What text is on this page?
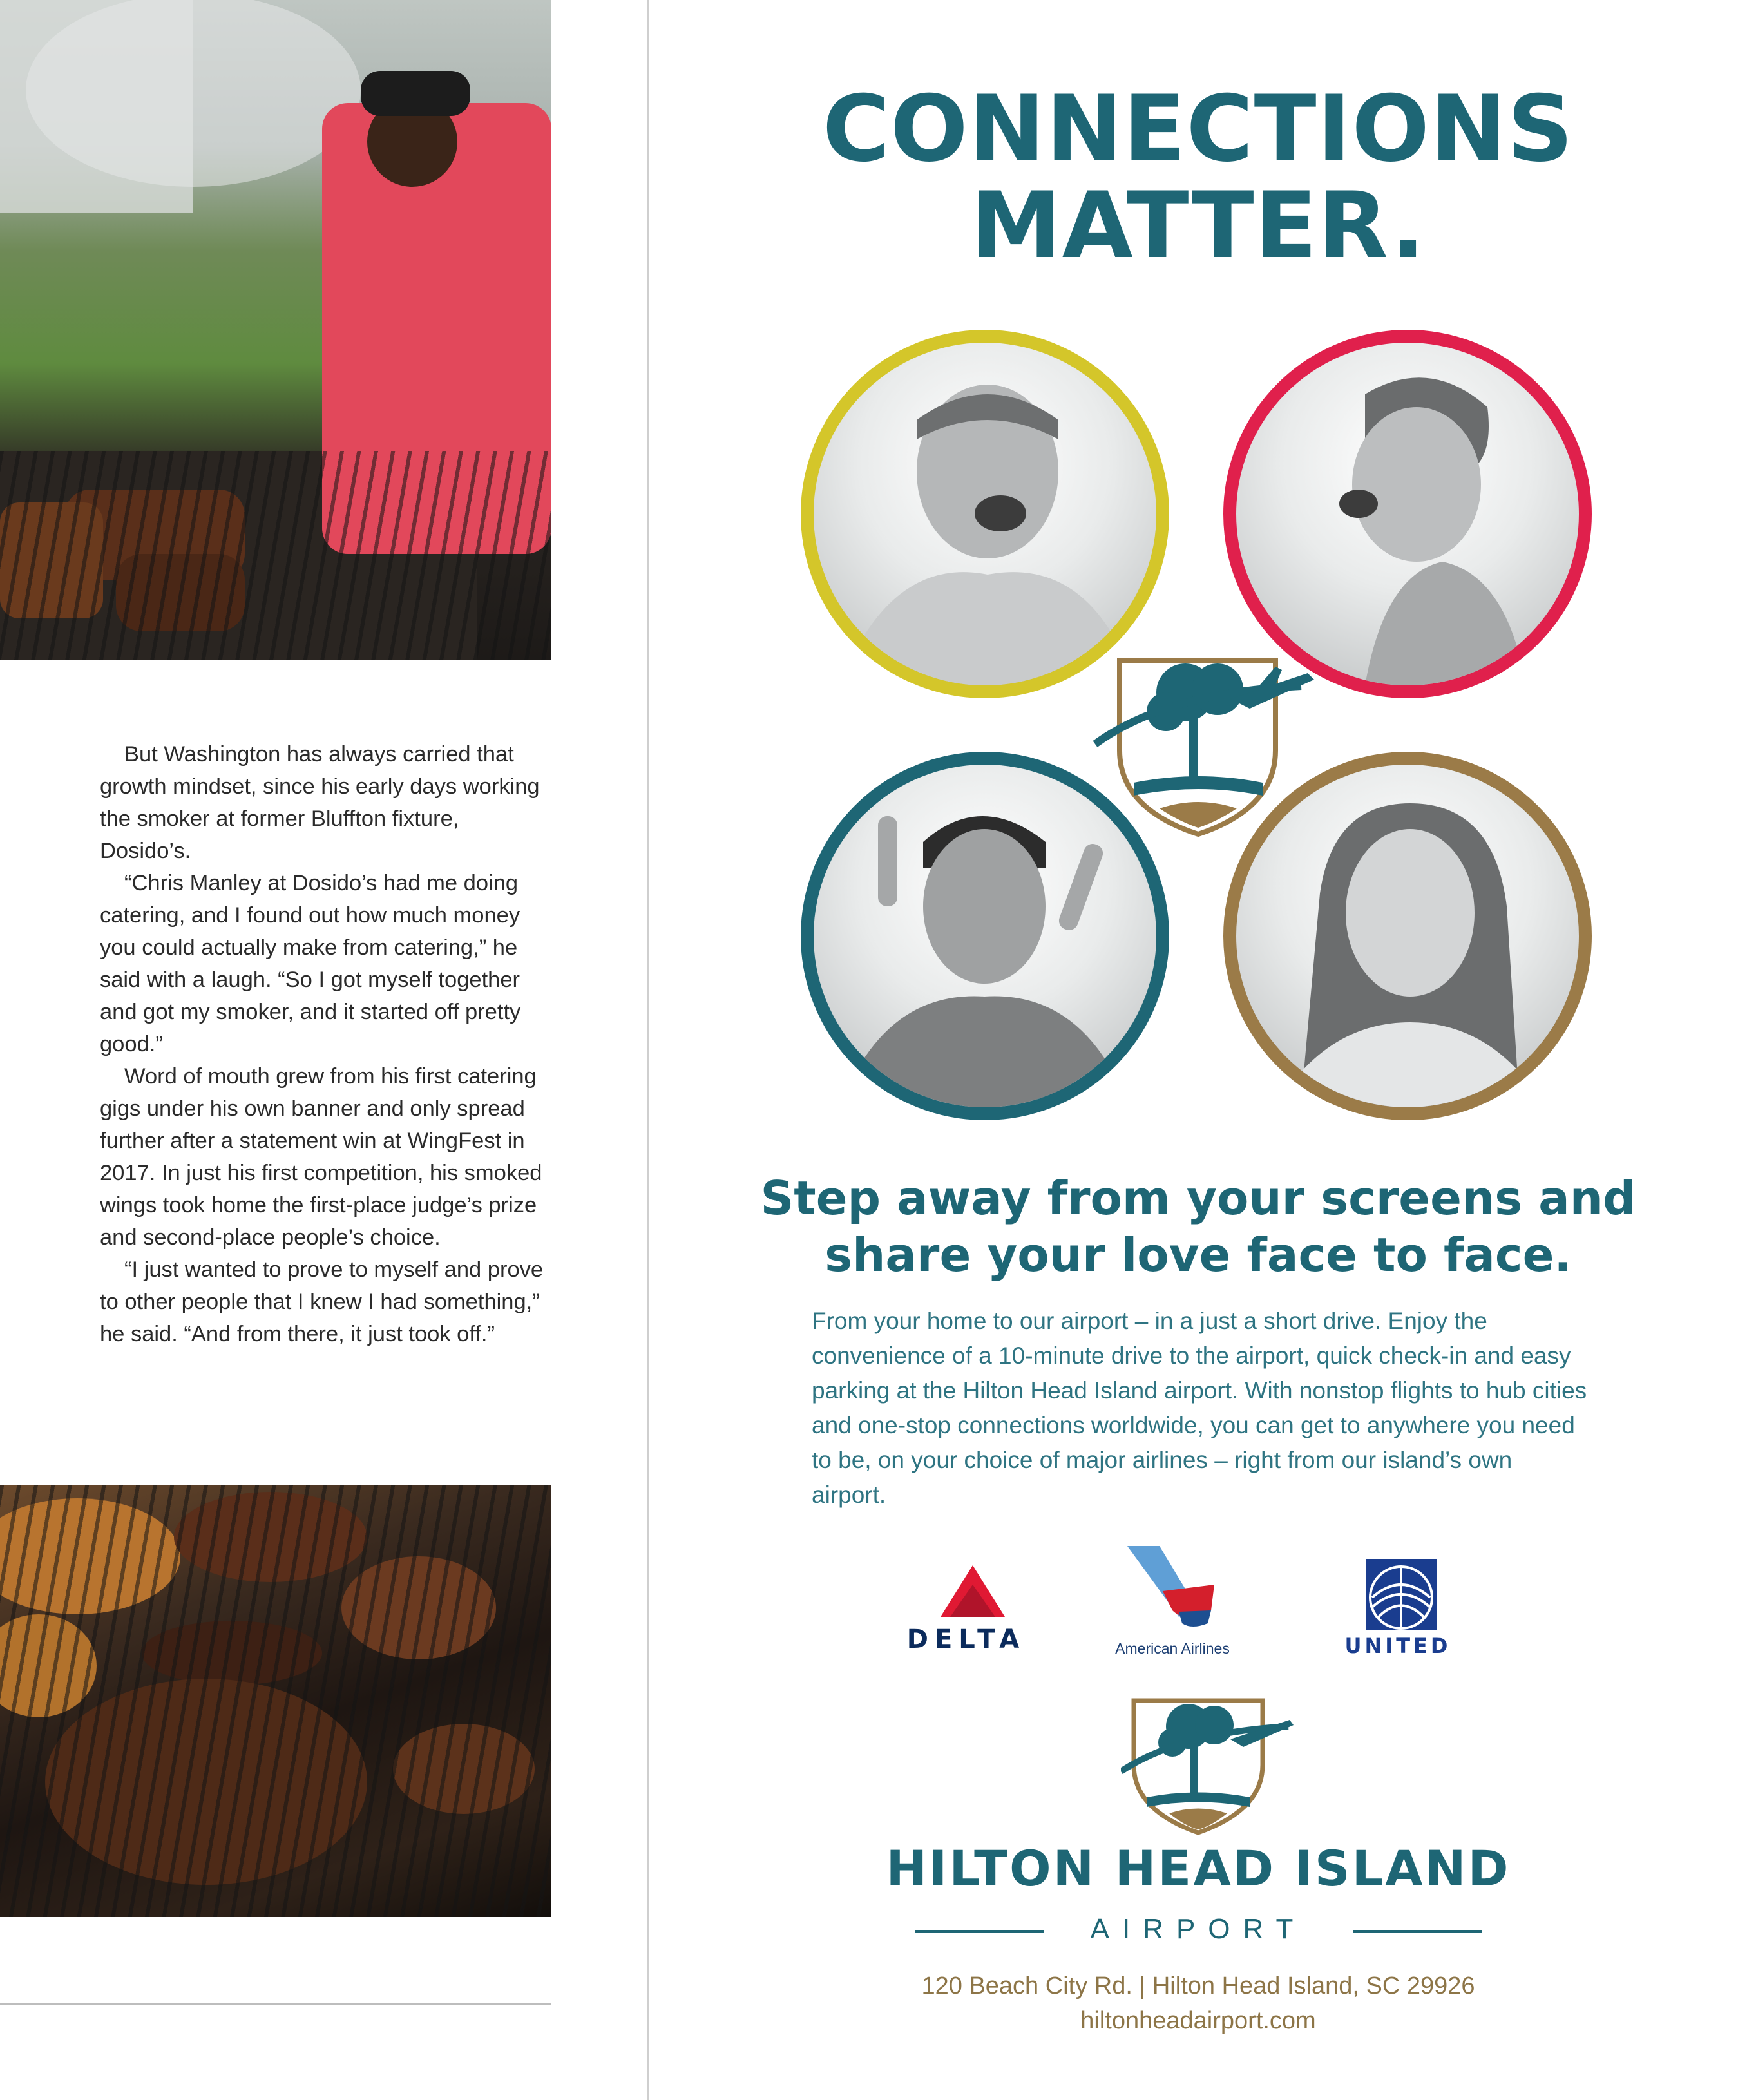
But Washington has always carried that growth mindset, since his early days working the smoker at former Bluffton fixture, Dosido’s.

“Chris Manley at Dosido’s had me doing catering, and I found out how much money you could actually make from catering,” he said with a laugh. “So I got myself together and got my smoker, and it started off pretty good.”

Word of mouth grew from his first catering gigs under his own banner and only spread further after a statement win at WingFest in 2017. In just his first competition, his smoked wings took home the first-place judge’s prize and second-place people’s choice.

“I just wanted to prove to myself and prove to other people that I knew I had something,” he said. “And from there, it just took off.”

CONNECTIONS
MATTER.
Step away from your screens and
share your love face to face.
From your home to our airport – in a just a short drive. Enjoy the convenience of a 10-minute drive to the airport, quick check-in and easy parking at the Hilton Head Island airport. With nonstop flights to hub cities and one-stop connections worldwide, you can get to anywhere you need to be, on your choice of major airlines – right from our island’s own airport.
DELTA	American Airlines	UNITED
HILTON HEAD ISLAND
AIRPORT
120 Beach City Rd. | Hilton Head Island, SC 29926
hiltonheadairport.com
